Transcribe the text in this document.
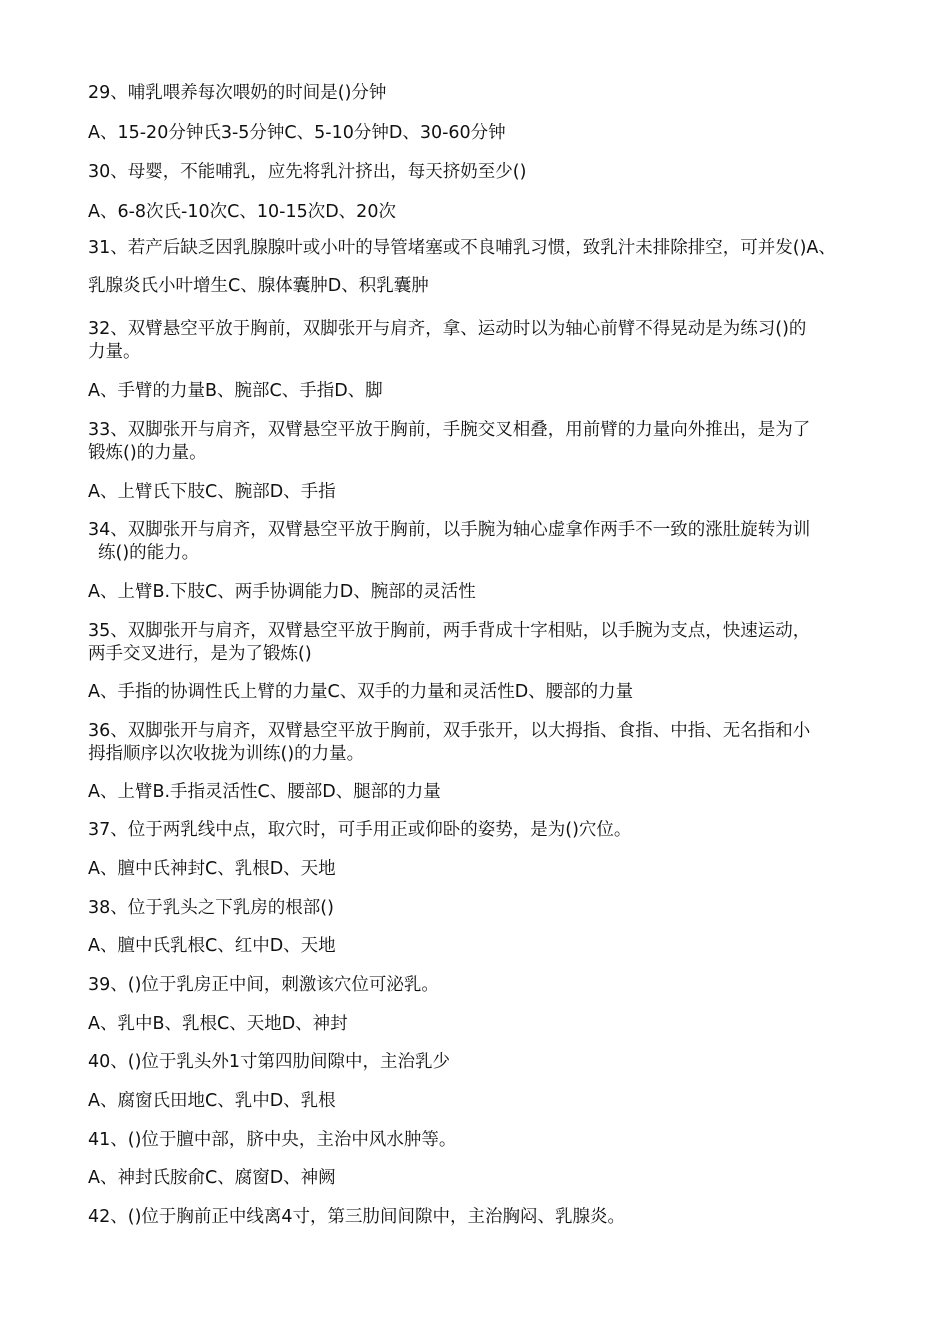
29、哺乳喂养每次喂奶的时间是()分钟
A、15-20分钟氏3-5分钟C、5-10分钟D、30-60分钟
30、母婴，不能哺乳，应先将乳汁挤出，每天挤奶至少()
A、6-8次氏-10次C、10-15次D、20次
31、若产后缺乏因乳腺腺叶或小叶的导管堵塞或不良哺乳习惯，致乳汁未排除排空，可并发()A、
乳腺炎氏小叶增生C、腺体囊肿D、积乳囊肿
32、双臂悬空平放于胸前，双脚张开与肩齐，拿、运动时以为轴心前臂不得晃动是为练习()的
力量。
A、手臂的力量B、腕部C、手指D、脚
33、双脚张开与肩齐，双臂悬空平放于胸前，手腕交叉相叠，用前臂的力量向外推出，是为了
锻炼()的力量。
A、上臂氏下肢C、腕部D、手指
34、双脚张开与肩齐，双臂悬空平放于胸前，以手腕为轴心虚拿作两手不一致的涨肚旋转为训
练()的能力。
A、上臂B.下肢C、两手协调能力D、腕部的灵活性
35、双脚张开与肩齐，双臂悬空平放于胸前，两手背成十字相贴，以手腕为支点，快速运动，
两手交叉进行，是为了锻炼()
A、手指的协调性氏上臂的力量C、双手的力量和灵活性D、腰部的力量
36、双脚张开与肩齐，双臂悬空平放于胸前，双手张开，以大拇指、食指、中指、无名指和小
拇指顺序以次收拢为训练()的力量。
A、上臂B.手指灵活性C、腰部D、腿部的力量
37、位于两乳线中点，取穴时，可手用正或仰卧的姿势，是为()穴位。
A、膻中氏神封C、乳根D、天地
38、位于乳头之下乳房的根部()
A、膻中氏乳根C、红中D、天地
39、()位于乳房正中间，刺激该穴位可泌乳。
A、乳中B、乳根C、天地D、神封
40、()位于乳头外1寸第四肋间隙中，主治乳少
A、腐窗氏田地C、乳中D、乳根
41、()位于膻中部，脐中央，主治中风水肿等。
A、神封氏胺俞C、腐窗D、神阙
42、()位于胸前正中线离4寸，第三肋间间隙中，主治胸闷、乳腺炎。
